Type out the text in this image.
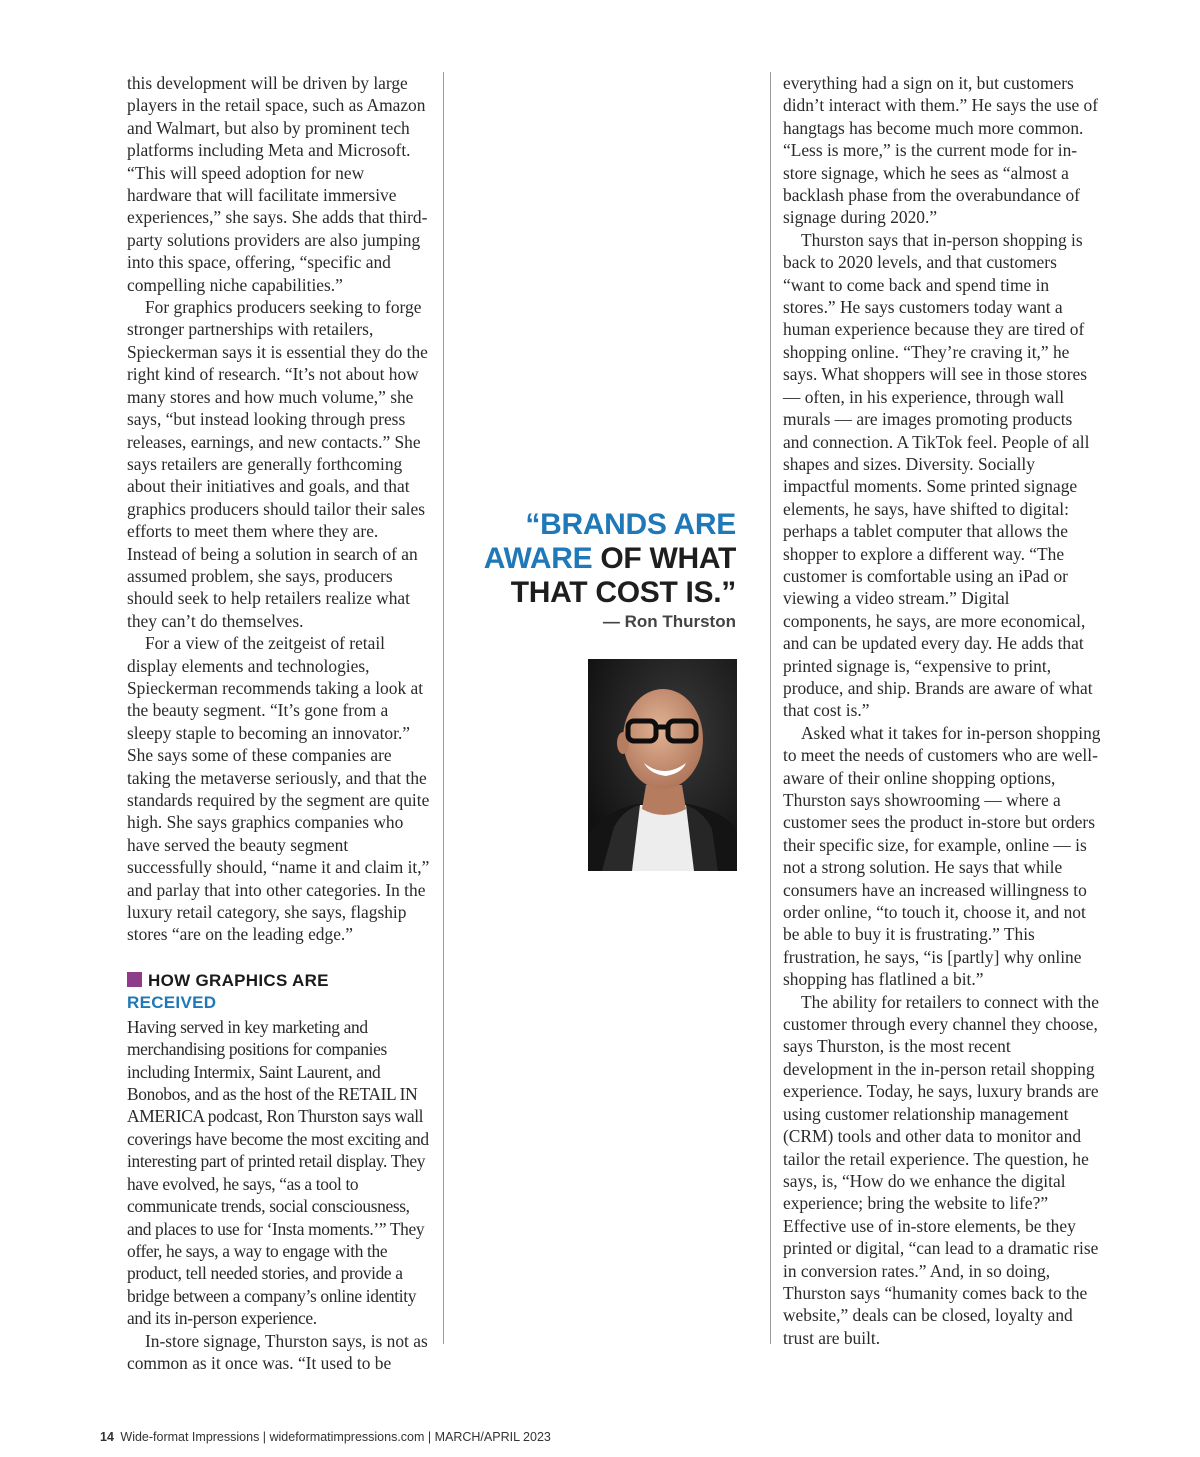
this development will be driven by large players in the retail space, such as Amazon and Walmart, but also by prominent tech platforms including Meta and Microsoft. “This will speed adoption for new hardware that will facilitate immersive experiences,” she says. She adds that third-party solutions providers are also jumping into this space, offering, “specific and compelling niche capabilities.”

For graphics producers seeking to forge stronger partnerships with retailers, Spieckerman says it is essential they do the right kind of research. “It’s not about how many stores and how much volume,” she says, “but instead looking through press releases, earnings, and new contacts.” She says retailers are generally forthcoming about their initiatives and goals, and that graphics producers should tailor their sales efforts to meet them where they are. Instead of being a solution in search of an assumed problem, she says, producers should seek to help retailers realize what they can’t do themselves.

For a view of the zeitgeist of retail display elements and technologies, Spieckerman recommends taking a look at the beauty segment. “It’s gone from a sleepy staple to becoming an innovator.” She says some of these companies are taking the metaverse seriously, and that the standards required by the segment are quite high. She says graphics companies who have served the beauty segment successfully should, “name it and claim it,” and parlay that into other categories. In the luxury retail category, she says, flagship stores “are on the leading edge.”

HOW GRAPHICS ARE
RECEIVED

Having served in key marketing and merchandising positions for companies including Intermix, Saint Laurent, and Bonobos, and as the host of the RETAIL IN AMERICA podcast, Ron Thurston says wall coverings have become the most exciting and interesting part of printed retail display. They have evolved, he says, “as a tool to communicate trends, social consciousness, and places to use for ‘Insta moments.’” They offer, he says, a way to engage with the product, tell needed stories, and provide a bridge between a company’s online identity and its in-person experience.

In-store signage, Thurston says, is not as common as it once was. “It used to be

“BRANDS ARE
AWARE OF WHAT
THAT COST IS.”
— Ron Thurston

everything had a sign on it, but customers didn’t interact with them.” He says the use of hangtags has become much more common. “Less is more,” is the current mode for in-store signage, which he sees as “almost a backlash phase from the overabundance of signage during 2020.”

Thurston says that in-person shopping is back to 2020 levels, and that customers “want to come back and spend time in stores.” He says customers today want a human experience because they are tired of shopping online. “They’re craving it,” he says. What shoppers will see in those stores — often, in his experience, through wall murals — are images promoting products and connection. A TikTok feel. People of all shapes and sizes. Diversity. Socially impactful moments. Some printed signage elements, he says, have shifted to digital: perhaps a tablet computer that allows the shopper to explore a different way. “The customer is comfortable using an iPad or viewing a video stream.” Digital components, he says, are more economical, and can be updated every day. He adds that printed signage is, “expensive to print, produce, and ship. Brands are aware of what that cost is.”

Asked what it takes for in-person shopping to meet the needs of customers who are well-aware of their online shopping options, Thurston says showrooming — where a customer sees the product in-store but orders their specific size, for example, online — is not a strong solution. He says that while consumers have an increased willingness to order online, “to touch it, choose it, and not be able to buy it is frustrating.” This frustration, he says, “is [partly] why online shopping has flatlined a bit.”

The ability for retailers to connect with the customer through every channel they choose, says Thurston, is the most recent development in the in-person retail shopping experience. Today, he says, luxury brands are using customer relationship management (CRM) tools and other data to monitor and tailor the retail experience. The question, he says, is, “How do we enhance the digital experience; bring the website to life?” Effective use of in-store elements, be they printed or digital, “can lead to a dramatic rise in conversion rates.” And, in so doing, Thurston says “humanity comes back to the website,” deals can be closed, loyalty and trust are built.

14 Wide-format Impressions | wideformatimpressions.com | MARCH/APRIL 2023
